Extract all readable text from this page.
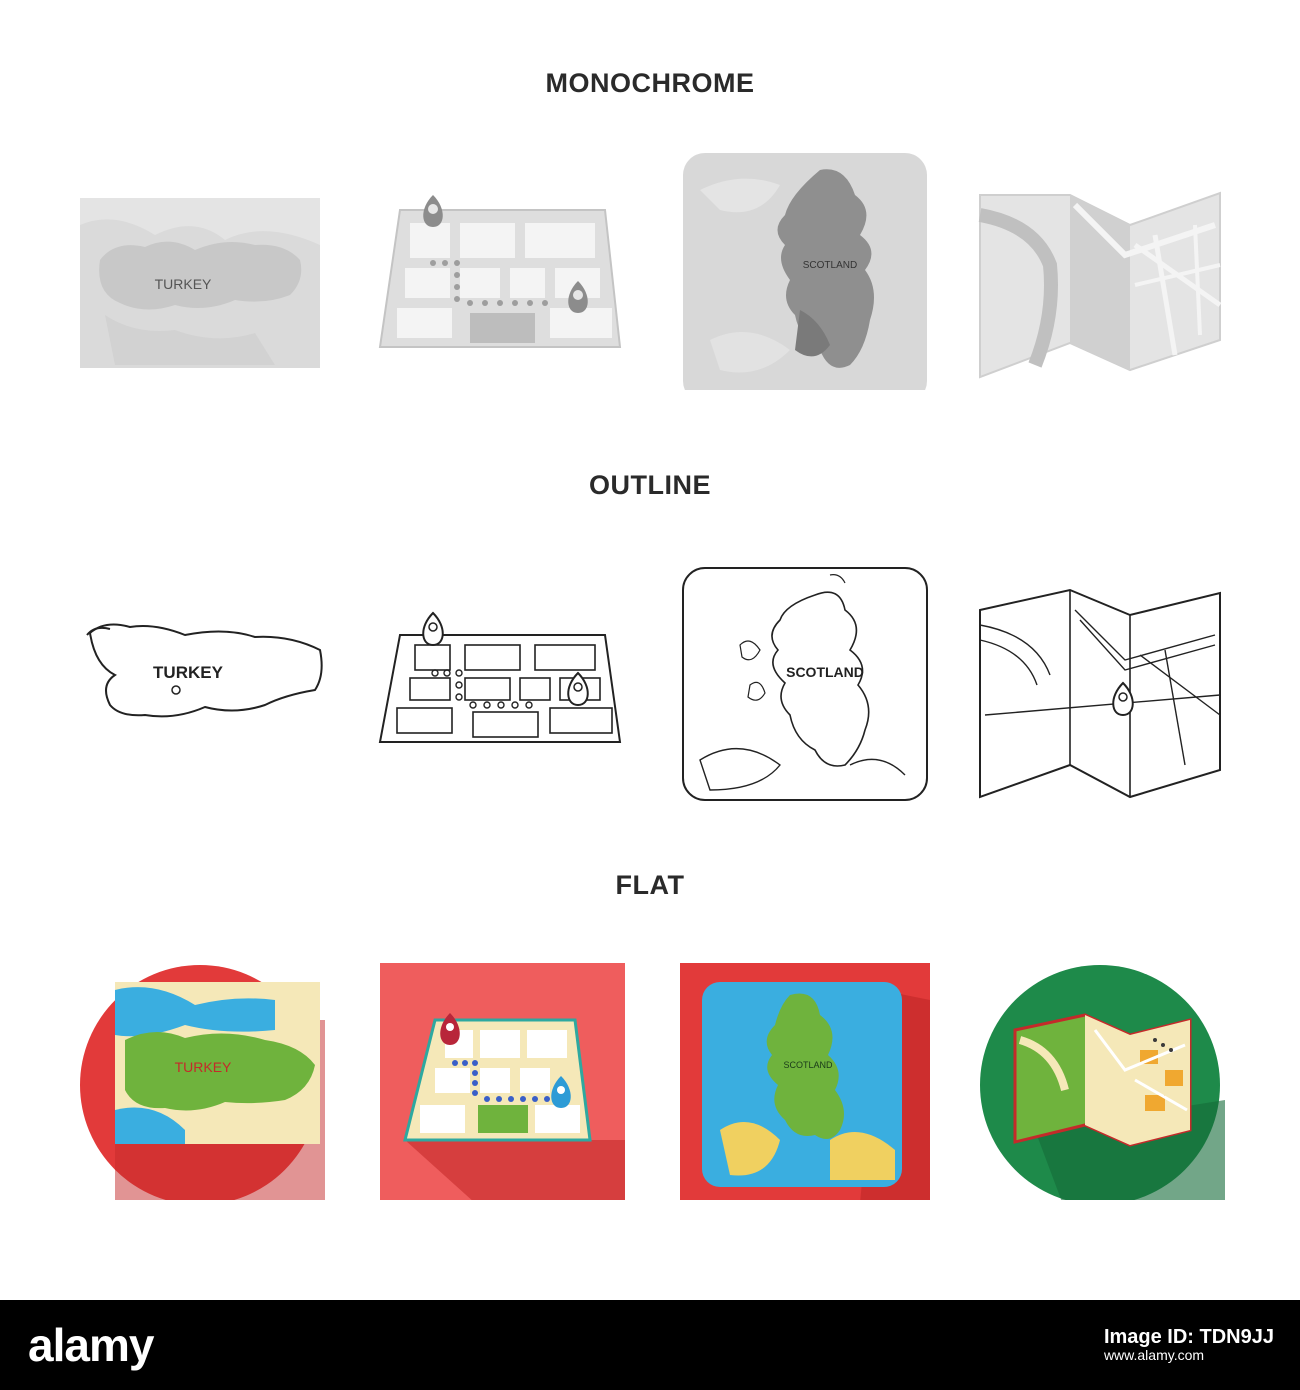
MONOCHROME
OUTLINE
FLAT
TURKEY
SCOTLAND
TURKEY	SCOTLAND
TURKEY	SCOTLAND
alamy	Image ID: TDN9JJ
www.alamy.com
